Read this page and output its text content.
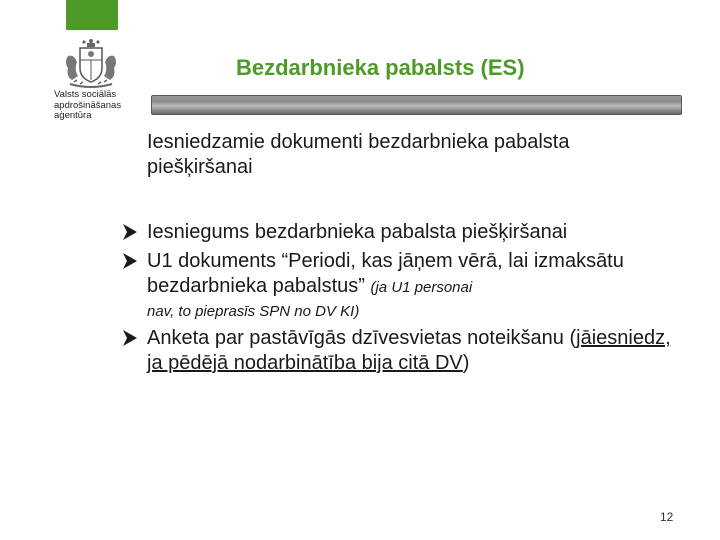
Valsts sociālās
apdrošināšanas
aģentūra
Bezdarbnieka pabalsts (ES)
Iesniedzamie dokumenti bezdarbnieka pabalsta piešķiršanai
Iesniegums bezdarbnieka pabalsta piešķiršanai
U1 dokuments “Periodi, kas jāņem vērā, lai izmaksātu bezdarbnieka pabalstus” (ja U1 personai
nav, to pieprasīs SPN no DV KI)
Anketa par pastāvīgās dzīvesvietas noteikšanu (jāiesniedz, ja pēdējā nodarbinātība bija citā DV)
12
